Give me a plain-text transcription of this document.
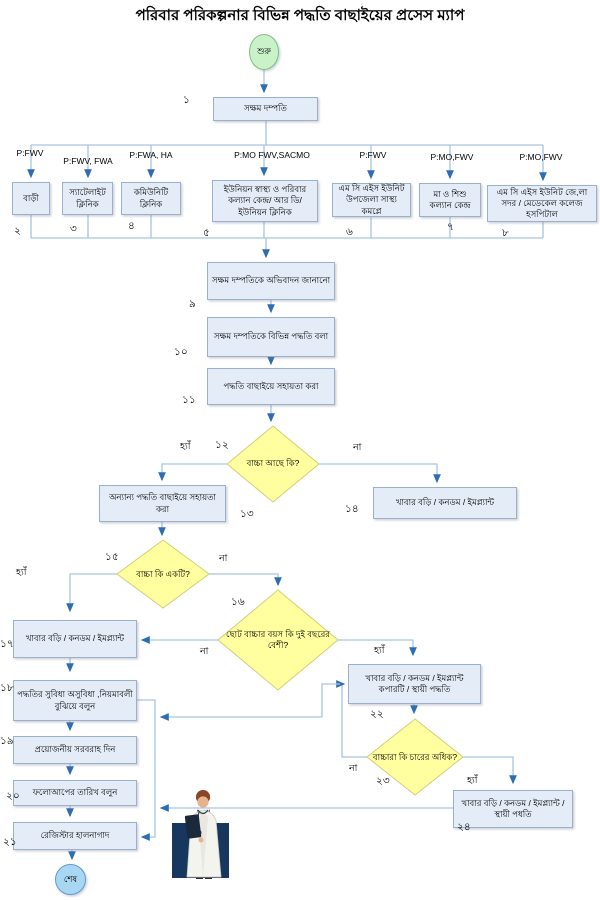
পরিবার পরিকল্পনার বিভিন্ন পদ্ধতি বাছাইয়ের প্রসেস ম্যাপ
শুরু
শেষ
সক্ষম দম্পতি
বাড়ী
স্যাটেলাইট ক্লিনিক
কমিউনিটি ক্লিনিক
ইউনিয়ন স্বাস্থ্য ও পরিবার কল্যান কেন্দ্র/ আর ডি/ ইউনিয়ন ক্লিনিক
এম সি এইস ইউনিট উপজেলা সাস্থ্য কমপ্লে
মা ও শিশু কল্যান কেন্দ্র
এম সি এইস ইউনিট জে,লা সদর / মেডেকেল কলেজ হসপিটাল
সক্ষম দম্পতিকে অভিবাদন জানানো
সক্ষম দম্পতিকে বিভিন্ন পদ্ধতি বলা
পদ্ধতি বাছাইয়ে সহায়তা করা
অন্যান্য পদ্ধতি বাছাইয়ে সহায়তা করা
খাবার বড়ি / কনডম / ইমপ্ল্যান্ট
খাবার বড়ি / কনডম / ইমপ্ল্যান্ট
পদ্ধতির সুবিধা অসুবিধা ,নিয়মাবলী বুঝিয়ে বলুন
প্রয়োজনীয় সরবরাহ দিন
ফলোআপের তারিখ বলুন
রেজিস্টার হালনাগাদ
খাবার বড়ি / কনডম / ইমপ্ল্যান্ট কপারটি / স্থায়ী পদ্ধতি
খাবার বড়ি / কনডম / ইমপ্ল্যান্ট / স্থায়ী পধতি
বাচ্চা আছে কি?
বাচ্চা কি একটি?
ছোট বাচ্চার বয়স কি দুই বছরের বেশী?
বাচ্চারা কি চারের অধিক?
P:FWV
P:FWV, FWA
P:FWA, HA	P:MO FWV,SACMO	P:FWV	P:MO,FWV	P:MO,FWV
১
২	৩	৪
৫	৬	৭	৮
৯
১০
১১
১২
১৩	১৪
১৫
১৬
১৭
১৮
১৯
২০
২১
২২
২৩
২৪
হ্যাঁ	না
হ্যাঁ
না
না	হ্যাঁ
না
হ্যাঁ
